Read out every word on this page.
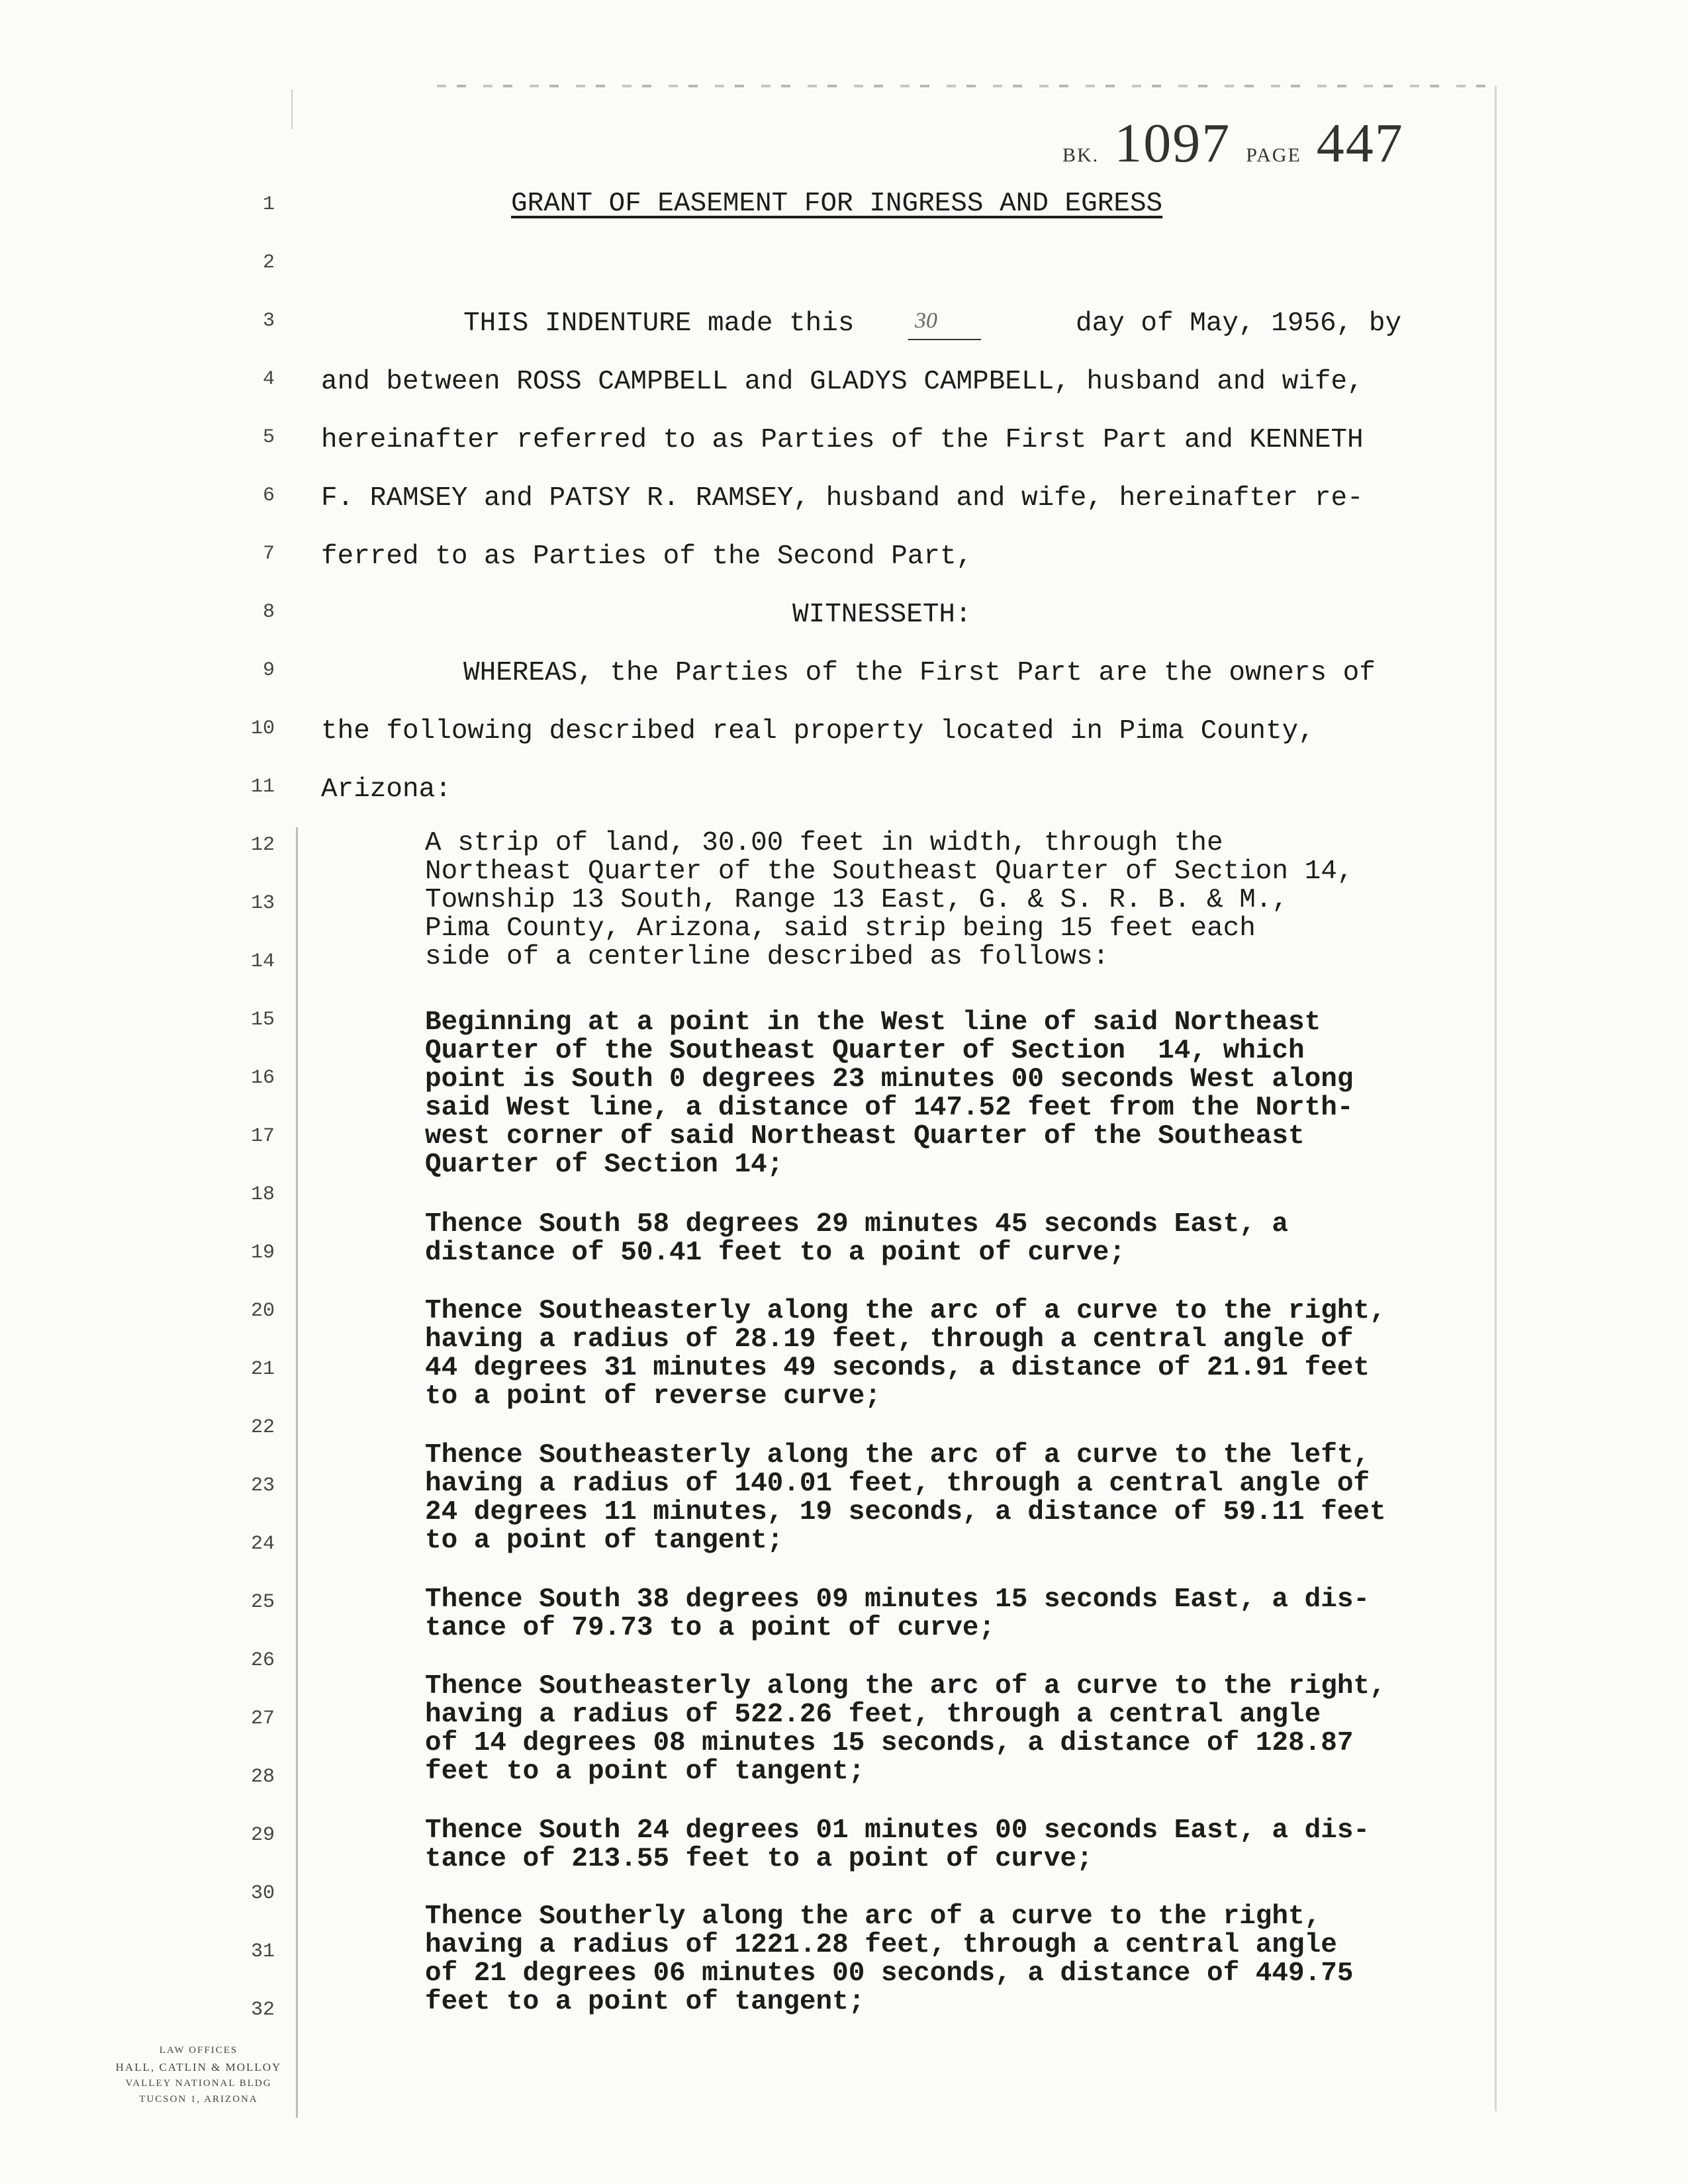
BK. 1097 PAGE 447
GRANT OF EASEMENT FOR INGRESS AND EGRESS
1
2
3
4
5
6
7
8
9
10
11
12
13
14
15
16
17
18
19
20
21
22
23
24
25
26
27
28
29
30
31
32
THIS INDENTURE made this	30	day of May, 1956, by
and between ROSS CAMPBELL and GLADYS CAMPBELL, husband and wife,
hereinafter referred to as Parties of the First Part and KENNETH
F. RAMSEY and PATSY R. RAMSEY, husband and wife, hereinafter re-
ferred to as Parties of the Second Part,
WITNESSETH:
WHEREAS, the Parties of the First Part are the owners of
the following described real property located in Pima County,
Arizona:
A strip of land, 30.00 feet in width, through the
Northeast Quarter of the Southeast Quarter of Section 14,
Township 13 South, Range 13 East, G. & S. R. B. & M.,
Pima County, Arizona, said strip being 15 feet each
side of a centerline described as follows:
Beginning at a point in the West line of said Northeast
Quarter of the Southeast Quarter of Section  14, which
point is South 0 degrees 23 minutes 00 seconds West along
said West line, a distance of 147.52 feet from the North-
west corner of said Northeast Quarter of the Southeast
Quarter of Section 14;
Thence South 58 degrees 29 minutes 45 seconds East, a
distance of 50.41 feet to a point of curve;
Thence Southeasterly along the arc of a curve to the right,
having a radius of 28.19 feet, through a central angle of
44 degrees 31 minutes 49 seconds, a distance of 21.91 feet
to a point of reverse curve;
Thence Southeasterly along the arc of a curve to the left,
having a radius of 140.01 feet, through a central angle of
24 degrees 11 minutes, 19 seconds, a distance of 59.11 feet
to a point of tangent;
Thence South 38 degrees 09 minutes 15 seconds East, a dis-
tance of 79.73 to a point of curve;
Thence Southeasterly along the arc of a curve to the right,
having a radius of 522.26 feet, through a central angle
of 14 degrees 08 minutes 15 seconds, a distance of 128.87
feet to a point of tangent;
Thence South 24 degrees 01 minutes 00 seconds East, a dis-
tance of 213.55 feet to a point of curve;
Thence Southerly along the arc of a curve to the right,
having a radius of 1221.28 feet, through a central angle
of 21 degrees 06 minutes 00 seconds, a distance of 449.75
feet to a point of tangent;
LAW OFFICES
HALL, CATLIN & MOLLOY
VALLEY NATIONAL BLDG
TUCSON 1, ARIZONA
